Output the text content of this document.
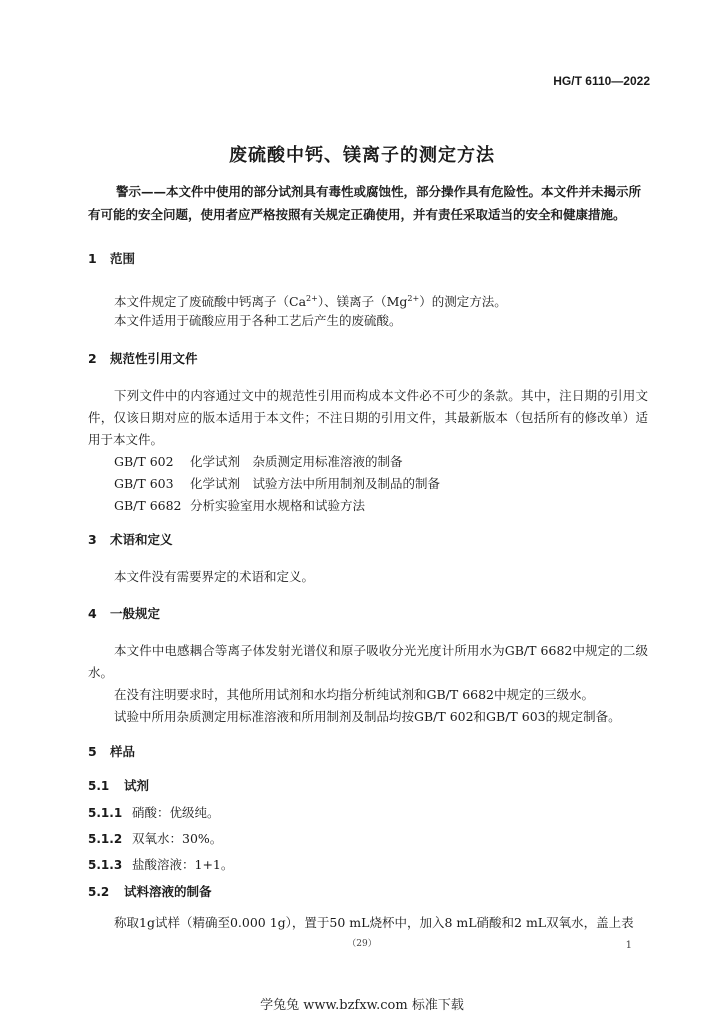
HG/T 6110—2022
废硫酸中钙、镁离子的测定方法
警示——本文件中使用的部分试剂具有毒性或腐蚀性，部分操作具有危险性。本文件并未揭示所有可能的安全问题，使用者应严格按照有关规定正确使用，并有责任采取适当的安全和健康措施。
1 范围
本文件规定了废硫酸中钙离子$(Ca^{2+})$、镁离子$(Mg^{2+})$的测定方法。
本文件适用于硫酸应用于各种工艺后产生的废硫酸。
2 规范性引用文件
下列文件中的内容通过文中的规范性引用而构成本文件必不可少的条款。其中，注日期的引用文件，仅该日期对应的版本适用于本文件；不注日期的引用文件，其最新版本（包括所有的修改单）适用于本文件。
GB/T 602 化学试剂　杂质测定用标准溶液的制备
GB/T 603 化学试剂　试验方法中所用制剂及制品的制备
GB/T 6682 分析实验室用水规格和试验方法
3 术语和定义
本文件没有需要界定的术语和定义。
4 一般规定
本文件中电感耦合等离子体发射光谱仪和原子吸收分光光度计所用水为GB/T 6682中规定的二级水。
在没有注明要求时，其他所用试剂和水均指分析纯试剂和GB/T 6682中规定的三级水。
试验中所用杂质测定用标准溶液和所用制剂及制品均按GB/T 602和GB/T 603的规定制备。
5 样品
5.1 试剂
5.1.1 硝酸：优级纯。
5.1.2 双氧水：30%。
5.1.3 盐酸溶液：1+1。
5.2 试料溶液的制备
称取1g试样（精确至0.000 1g），置于50 mL烧杯中，加入8 mL硝酸和2 mL双氧水，盖上表
（29）	1
学兔兔 www.bzfxw.com 标准下载
